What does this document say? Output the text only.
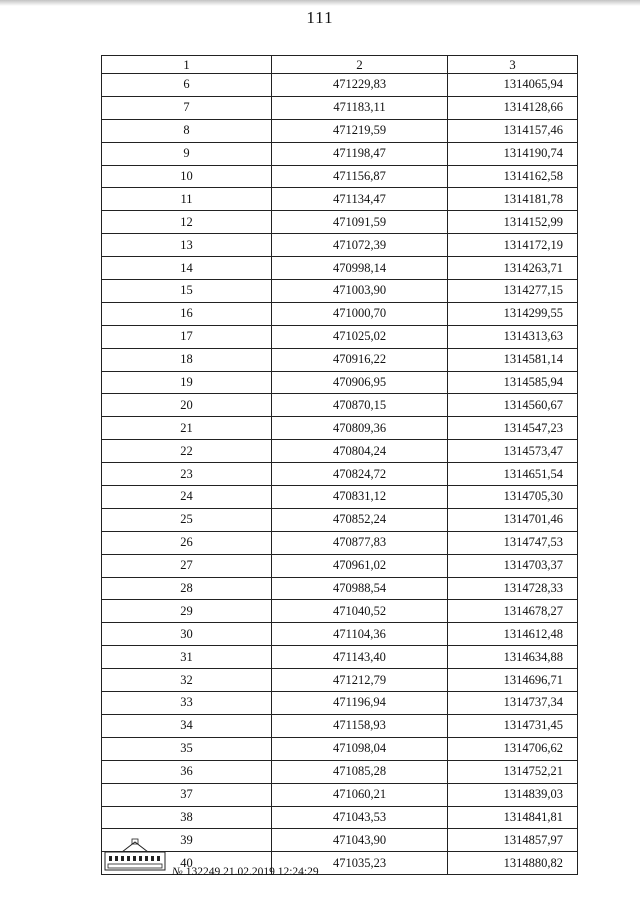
111
1	2	3
6	471229,83	1314065,94
7	471183,11	1314128,66
8	471219,59	1314157,46
9	471198,47	1314190,74
10	471156,87	1314162,58
11	471134,47	1314181,78
12	471091,59	1314152,99
13	471072,39	1314172,19
14	470998,14	1314263,71
15	471003,90	1314277,15
16	471000,70	1314299,55
17	471025,02	1314313,63
18	470916,22	1314581,14
19	470906,95	1314585,94
20	470870,15	1314560,67
21	470809,36	1314547,23
22	470804,24	1314573,47
23	470824,72	1314651,54
24	470831,12	1314705,30
25	470852,24	1314701,46
26	470877,83	1314747,53
27	470961,02	1314703,37
28	470988,54	1314728,33
29	471040,52	1314678,27
30	471104,36	1314612,48
31	471143,40	1314634,88
32	471212,79	1314696,71
33	471196,94	1314737,34
34	471158,93	1314731,45
35	471098,04	1314706,62
36	471085,28	1314752,21
37	471060,21	1314839,03
38	471043,53	1314841,81
39	471043,90	1314857,97
40	471035,23	1314880,82
№ 132249 21.02.2019 12:24:29
